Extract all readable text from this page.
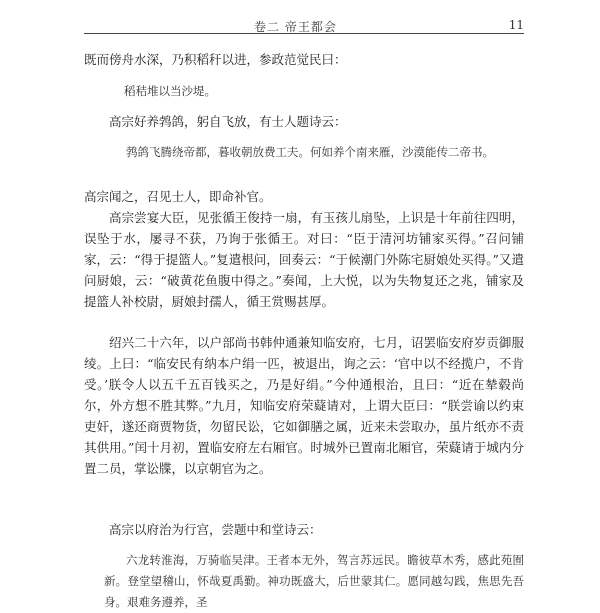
卷二 帝王都会	11

既而傍舟水深，乃积稻秆以进，参政范觉民曰：

稻秸堆以当沙堤。

高宗好养鹁鸽，躬自飞放，有士人题诗云：

鹁鸽飞腾绕帝都，暮收朝放费工夫。何如养个南来雁，沙漠能传二帝书。

高宗闻之，召见士人，即命补官。

高宗尝宴大臣，见张循王俊持一扇，有玉孩儿扇坠，上识是十年前往四明，误坠于水，屡寻不获，乃询于张循王。对曰：“臣于清河坊铺家买得。”召问铺家，云：“得于提篮人。”复遣根问，回奏云：“于候潮门外陈宅厨娘处买得。”又遣问厨娘，云：“破黄花鱼腹中得之。”奏闻，上大悦，以为失物复还之兆，铺家及提篮人补校尉，厨娘封孺人，循王赏赐甚厚。

绍兴二十六年，以户部尚书韩仲通兼知临安府，七月，诏罢临安府岁贡御服绫。上曰：“临安民有纳本户绢一匹，被退出，询之云：‘官中以不经揽户，不肯受。’朕令人以五千五百钱买之，乃是好绢。”今仲通根治，且曰：“近在辇毂尚尔，外方想不胜其弊。”九月，知临安府荣薿请对，上谓大臣曰：“朕尝谕以约束吏奸，遂还商贾物货，勿留民讼，它如御膳之属，近来未尝取办，虽片纸亦不责其供用。”闰十月初，置临安府左右厢官。时城外已置南北厢官，荣薿请于城内分置二员，掌讼牒，以京朝官为之。

高宗以府治为行宫，尝题中和堂诗云：

六龙转淮海，万骑临吴津。王者本无外，驾言苏远民。瞻彼草木秀，感此苑囿新。登堂望稽山，怀哉夏禹勤。神功既盛大，后世蒙其仁。愿同越勾践，焦思先吾身。艰难务遵养，圣
